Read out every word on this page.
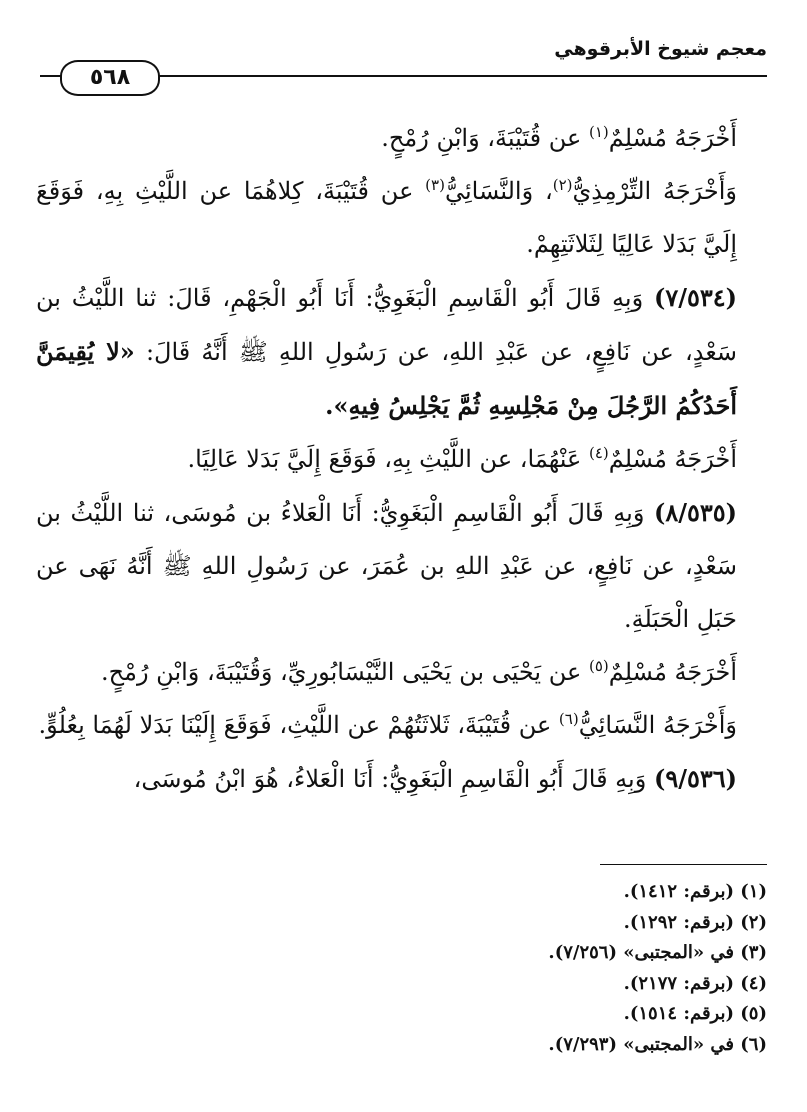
معجم شيوخ الأبرقوهي
٥٦٨

أَخْرَجَهُ مُسْلِمٌ$^{(١)}$ عن قُتَيْبَةَ، وَابْنِ رُمْحٍ.

وَأَخْرَجَهُ التِّرْمِذِيُّ$^{(٢)}$، وَالنَّسَائِيُّ$^{(٣)}$ عن قُتَيْبَةَ، كِلاهُمَا عن اللَّيْثِ بِهِ، فَوَقَعَ إِلَيَّ بَدَلا عَالِيًا لِثَلاثَتِهِمْ.

(٧/٥٣٤) وَبِهِ قَالَ أَبُو الْقَاسِمِ الْبَغَوِيُّ: أَنَا أَبُو الْجَهْمِ، قَالَ: ثنا اللَّيْثُ بن سَعْدٍ، عن نَافِعٍ، عن عَبْدِ اللهِ، عن رَسُولِ اللهِ ﷺ أَنَّهُ قَالَ: «لا يُقِيمَنَّ أَحَدُكُمُ الرَّجُلَ مِنْ مَجْلِسِهِ ثُمَّ يَجْلِسُ فِيهِ».

أَخْرَجَهُ مُسْلِمٌ$^{(٤)}$ عَنْهُمَا، عن اللَّيْثِ بِهِ، فَوَقَعَ إِلَيَّ بَدَلا عَالِيًا.

(٨/٥٣٥) وَبِهِ قَالَ أَبُو الْقَاسِمِ الْبَغَوِيُّ: أَنَا الْعَلاءُ بن مُوسَى، ثنا اللَّيْثُ بن سَعْدٍ، عن نَافِعٍ، عن عَبْدِ اللهِ بن عُمَرَ، عن رَسُولِ اللهِ ﷺ أَنَّهُ نَهَى عن حَبَلِ الْحَبَلَةِ.

أَخْرَجَهُ مُسْلِمٌ$^{(٥)}$ عن يَحْيَى بن يَحْيَى النَّيْسَابُورِيِّ، وَقُتَيْبَةَ، وَابْنِ رُمْحٍ.

وَأَخْرَجَهُ النَّسَائِيُّ$^{(٦)}$ عن قُتَيْبَةَ، ثَلاثَتُهُمْ عن اللَّيْثِ، فَوَقَعَ إِلَيْنَا بَدَلا لَهُمَا بِعُلُوٍّ.

(٩/٥٣٦) وَبِهِ قَالَ أَبُو الْقَاسِمِ الْبَغَوِيُّ: أَنَا الْعَلاءُ، هُوَ ابْنُ مُوسَى،

(١) (برقم: ١٤١٢).
(٢) (برقم: ١٢٩٢).
(٣) في «المجتبى» (٧/٢٥٦).
(٤) (برقم: ٢١٧٧).
(٥) (برقم: ١٥١٤).
(٦) في «المجتبى» (٧/٢٩٣).
